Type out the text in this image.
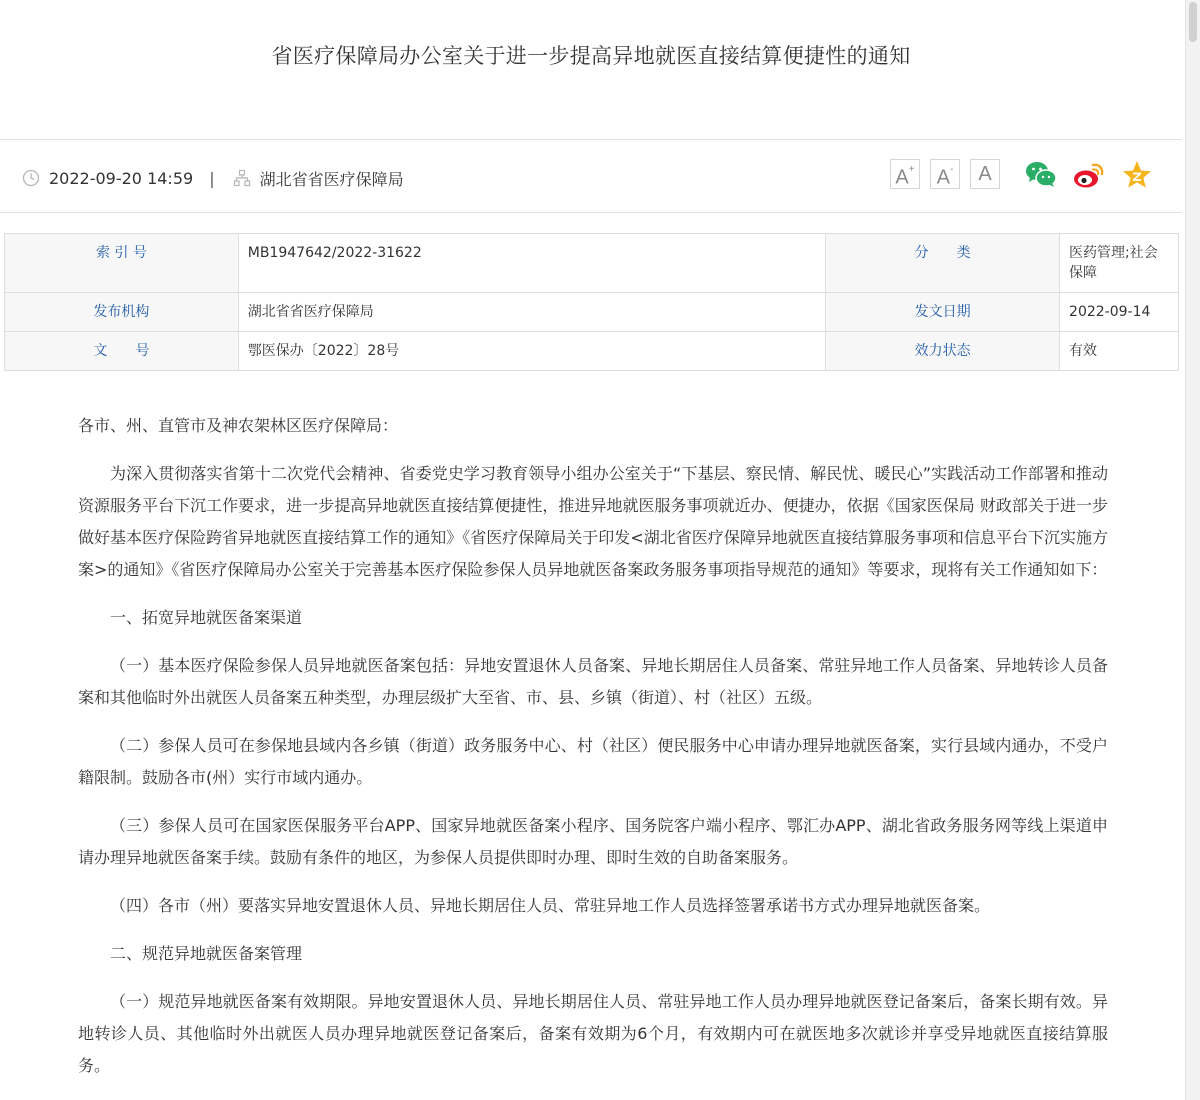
省医疗保障局办公室关于进一步提高异地就医直接结算便捷性的通知
2022-09-20 14:59 |	湖北省省医疗保障局	A+	A-	A
索 引 号	MB1947642/2022-31622	分　　类	医药管理;社会保障
发布机构	湖北省省医疗保障局	发文日期	2022-09-14
文　　号	鄂医保办〔2022〕28号	效力状态	有效

各市、州、直管市及神农架林区医疗保障局：

为深入贯彻落实省第十二次党代会精神、省委党史学习教育领导小组办公室关于“下基层、察民情、解民忧、暖民心”实践活动工作部署和推动资源服务平台下沉工作要求，进一步提高异地就医直接结算便捷性，推进异地就医服务事项就近办、便捷办，依据《国家医保局 财政部关于进一步做好基本医疗保险跨省异地就医直接结算工作的通知》《省医疗保障局关于印发<湖北省医疗保障异地就医直接结算服务事项和信息平台下沉实施方案>的通知》《省医疗保障局办公室关于完善基本医疗保险参保人员异地就医备案政务服务事项指导规范的通知》等要求，现将有关工作通知如下：

一、拓宽异地就医备案渠道

（一）基本医疗保险参保人员异地就医备案包括：异地安置退休人员备案、异地长期居住人员备案、常驻异地工作人员备案、异地转诊人员备案和其他临时外出就医人员备案五种类型，办理层级扩大至省、市、县、乡镇（街道）、村（社区）五级。

（二）参保人员可在参保地县域内各乡镇（街道）政务服务中心、村（社区）便民服务中心申请办理异地就医备案，实行县域内通办，不受户籍限制。鼓励各市(州）实行市域内通办。

（三）参保人员可在国家医保服务平台APP、国家异地就医备案小程序、国务院客户端小程序、鄂汇办APP、湖北省政务服务网等线上渠道申请办理异地就医备案手续。鼓励有条件的地区，为参保人员提供即时办理、即时生效的自助备案服务。

（四）各市（州）要落实异地安置退休人员、异地长期居住人员、常驻异地工作人员选择签署承诺书方式办理异地就医备案。

二、规范异地就医备案管理

（一）规范异地就医备案有效期限。异地安置退休人员、异地长期居住人员、常驻异地工作人员办理异地就医登记备案后，备案长期有效。异地转诊人员、其他临时外出就医人员办理异地就医登记备案后，备案有效期为6个月，有效期内可在就医地多次就诊并享受异地就医直接结算服务。
